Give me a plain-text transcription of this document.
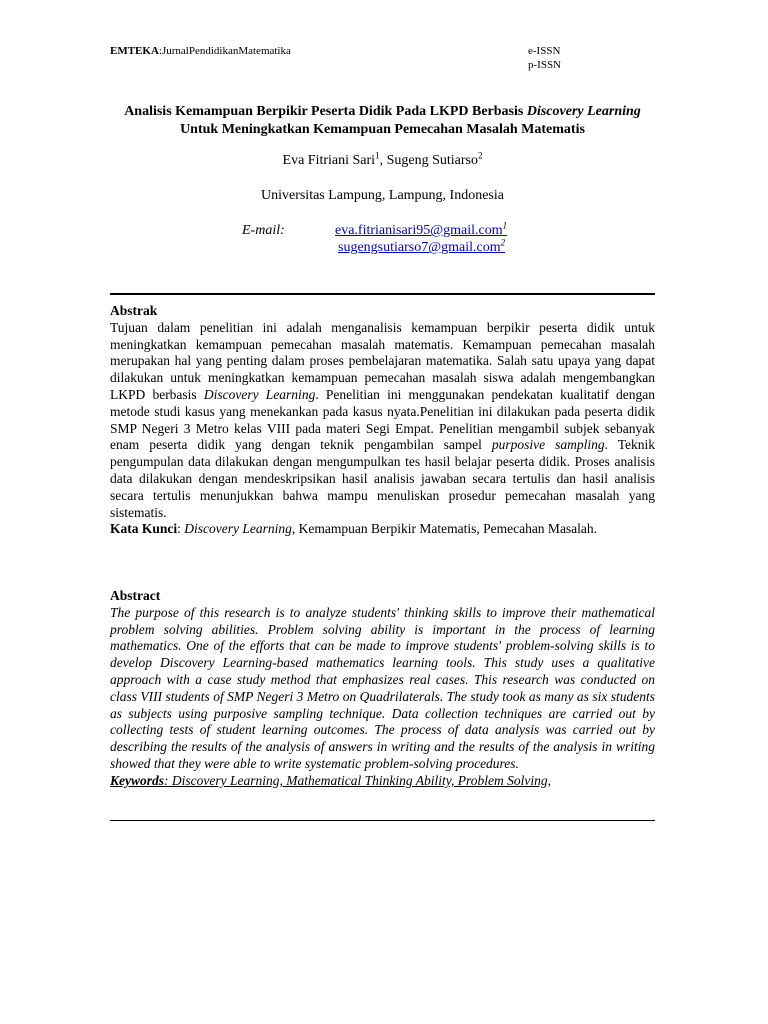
EMTEKA:JurnalPendidikanMatematika	e-ISSN
p-ISSN
Analisis Kemampuan Berpikir Peserta Didik Pada LKPD Berbasis Discovery Learning Untuk Meningkatkan Kemampuan Pemecahan Masalah Matematis
Eva Fitriani Sari$^1$, Sugeng Sutiarso$^2$
Universitas Lampung, Lampung, Indonesia
E-mail:	eva.fitrianisari95@gmail.com$^1$
sugengsutiarso7@gmail.com$^2$
Abstrak

Tujuan dalam penelitian ini adalah menganalisis kemampuan berpikir peserta didik untuk meningkatkan kemampuan pemecahan masalah matematis. Kemampuan pemecahan masalah merupakan hal yang penting dalam proses pembelajaran matematika. Salah satu upaya yang dapat dilakukan untuk meningkatkan kemampuan pemecahan masalah siswa adalah mengembangkan LKPD berbasis Discovery Learning. Penelitian ini menggunakan pendekatan kualitatif dengan metode studi kasus yang menekankan pada kasus nyata.Penelitian ini dilakukan pada peserta didik SMP Negeri 3 Metro kelas VIII pada materi Segi Empat. Penelitian mengambil subjek sebanyak enam peserta didik yang dengan teknik pengambilan sampel purposive sampling. Teknik pengumpulan data dilakukan dengan mengumpulkan tes hasil belajar peserta didik. Proses analisis data dilakukan dengan mendeskripsikan hasil analisis jawaban secara tertulis dan hasil analisis secara tertulis menunjukkan bahwa mampu menuliskan prosedur pemecahan masalah yang sistematis.

Kata Kunci: Discovery Learning, Kemampuan Berpikir Matematis, Pemecahan Masalah.

Abstract

The purpose of this research is to analyze students' thinking skills to improve their mathematical problem solving abilities. Problem solving ability is important in the process of learning mathematics. One of the efforts that can be made to improve students' problem-solving skills is to develop Discovery Learning-based mathematics learning tools. This study uses a qualitative approach with a case study method that emphasizes real cases. This research was conducted on class VIII students of SMP Negeri 3 Metro on Quadrilaterals. The study took as many as six students as subjects using purposive sampling technique. Data collection techniques are carried out by collecting tests of student learning outcomes. The process of data analysis was carried out by describing the results of the analysis of answers in writing and the results of the analysis in writing showed that they were able to write systematic problem-solving procedures.

Keywords: Discovery Learning, Mathematical Thinking Ability, Problem Solving,
